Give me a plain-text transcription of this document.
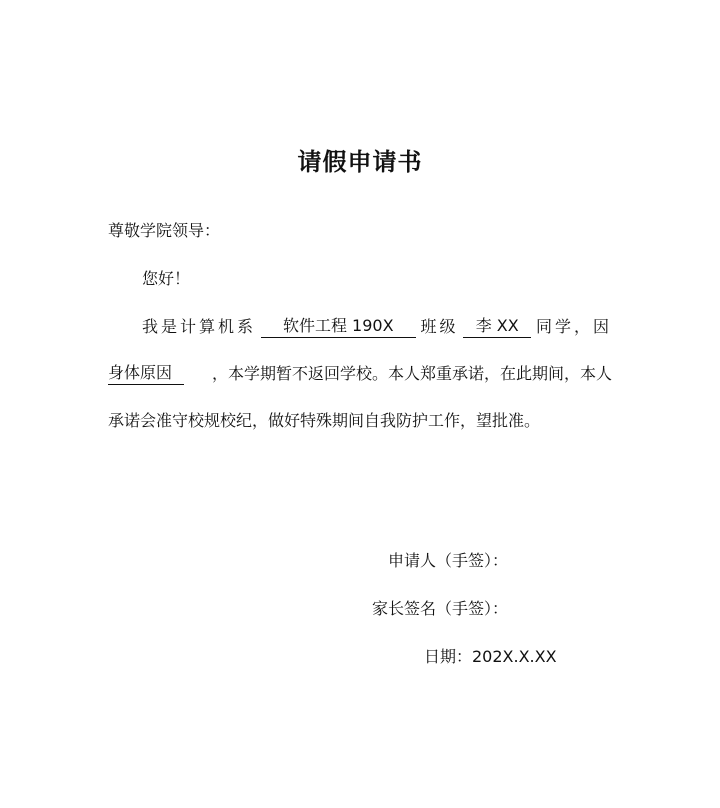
请假申请书
尊敬学院领导：
您好！
我是计算机系	软件工程 190X	班级	李 XX	同学，因
身体原因	，本学期暂不返回学校。本人郑重承诺，在此期间，本人
承诺会准守校规校纪，做好特殊期间自我防护工作，望批准。
申请人（手签）：
家长签名（手签）：
日期：202X.X.XX
